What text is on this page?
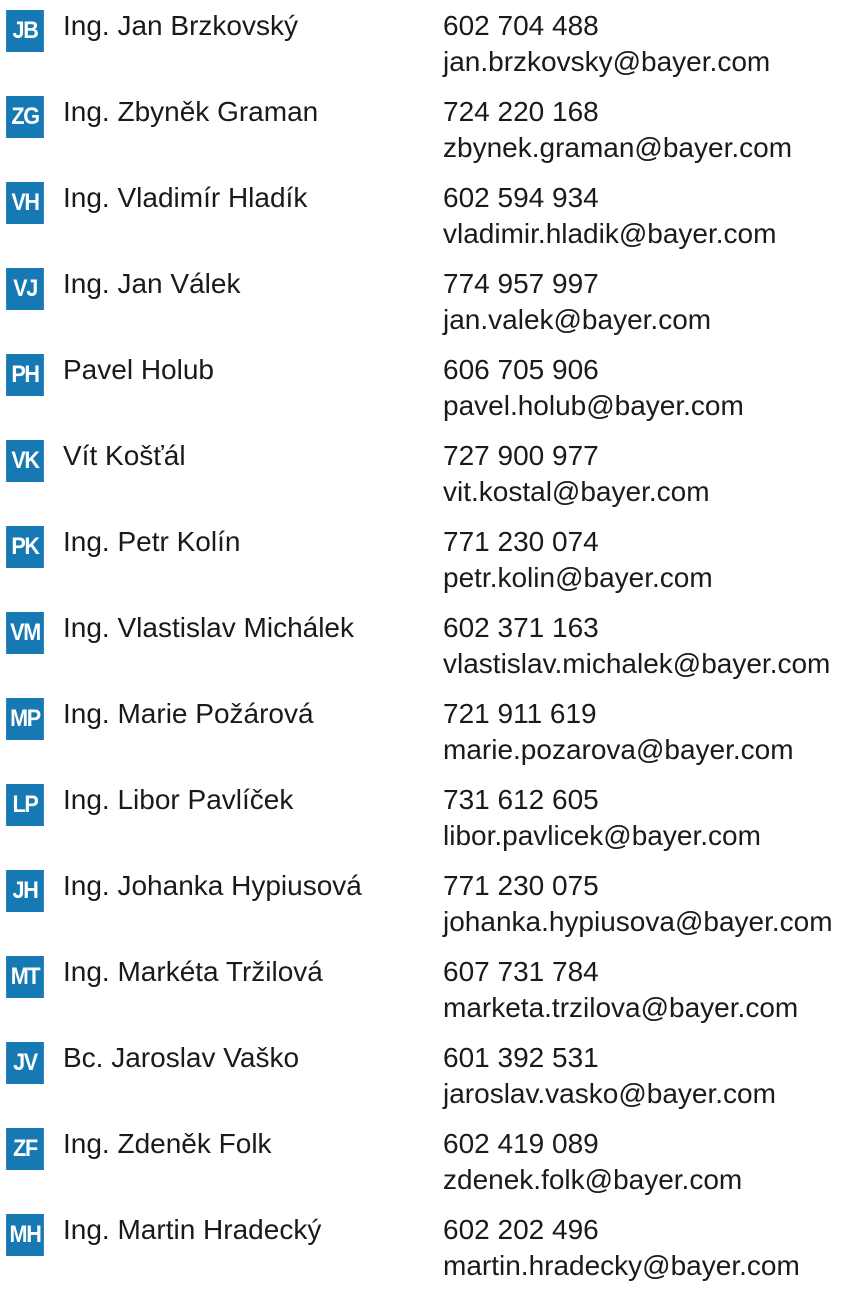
JB Ing. Jan Brzkovský	602 704 488
jan.brzkovsky@bayer.com
ZG Ing. Zbyněk Graman	724 220 168
zbynek.graman@bayer.com
VH Ing. Vladimír Hladík	602 594 934
vladimir.hladik@bayer.com
VJ Ing. Jan Válek	774 957 997
jan.valek@bayer.com
PH Pavel Holub	606 705 906
pavel.holub@bayer.com
VK Vít Košťál	727 900 977
vit.kostal@bayer.com
PK Ing. Petr Kolín	771 230 074
petr.kolin@bayer.com
VM Ing. Vlastislav Michálek	602 371 163
vlastislav.michalek@bayer.com
MP Ing. Marie Požárová	721 911 619
marie.pozarova@bayer.com
LP Ing. Libor Pavlíček	731 612 605
libor.pavlicek@bayer.com
JH Ing. Johanka Hypiusová	771 230 075
johanka.hypiusova@bayer.com
MT Ing. Markéta Tržilová	607 731 784
marketa.trzilova@bayer.com
JV Bc. Jaroslav Vaško	601 392 531
jaroslav.vasko@bayer.com
ZF Ing. Zdeněk Folk	602 419 089
zdenek.folk@bayer.com
MH Ing. Martin Hradecký	602 202 496
martin.hradecky@bayer.com
